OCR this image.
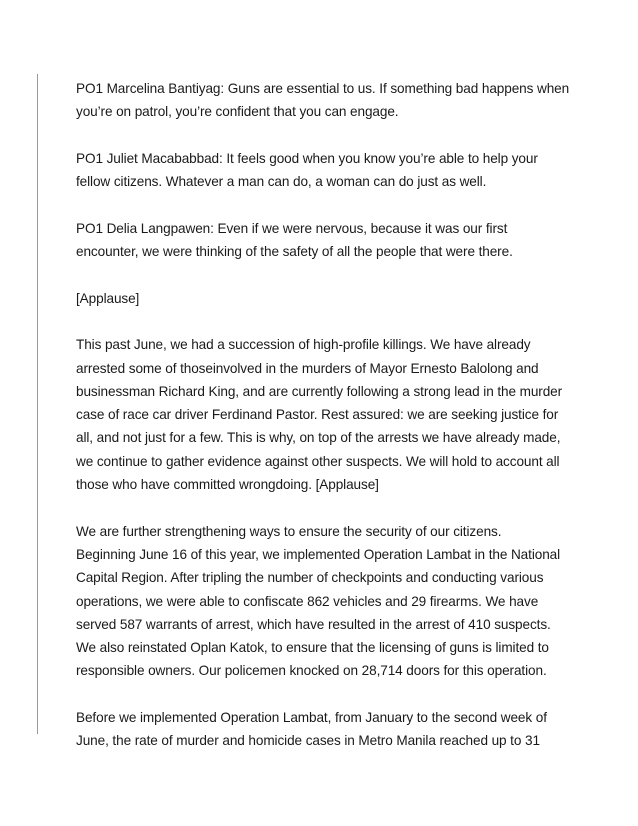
PO1 Marcelina Bantiyag: Guns are essential to us. If something bad happens when
you’re on patrol, you’re confident that you can engage.

PO1 Juliet Macababbad: It feels good when you know you’re able to help your
fellow citizens. Whatever a man can do, a woman can do just as well.

PO1 Delia Langpawen: Even if we were nervous, because it was our first
encounter, we were thinking of the safety of all the people that were there.

[Applause]

This past June, we had a succession of high-profile killings. We have already
arrested some of thoseinvolved in the murders of Mayor Ernesto Balolong and
businessman Richard King, and are currently following a strong lead in the murder
case of race car driver Ferdinand Pastor. Rest assured: we are seeking justice for
all, and not just for a few. This is why, on top of the arrests we have already made,
we continue to gather evidence against other suspects. We will hold to account all
those who have committed wrongdoing. [Applause]

We are further strengthening ways to ensure the security of our citizens.
Beginning June 16 of this year, we implemented Operation Lambat in the National
Capital Region. After tripling the number of checkpoints and conducting various
operations, we were able to confiscate 862 vehicles and 29 firearms. We have
served 587 warrants of arrest, which have resulted in the arrest of 410 suspects.
We also reinstated Oplan Katok, to ensure that the licensing of guns is limited to
responsible owners. Our policemen knocked on 28,714 doors for this operation.

Before we implemented Operation Lambat, from January to the second week of
June, the rate of murder and homicide cases in Metro Manila reached up to 31
